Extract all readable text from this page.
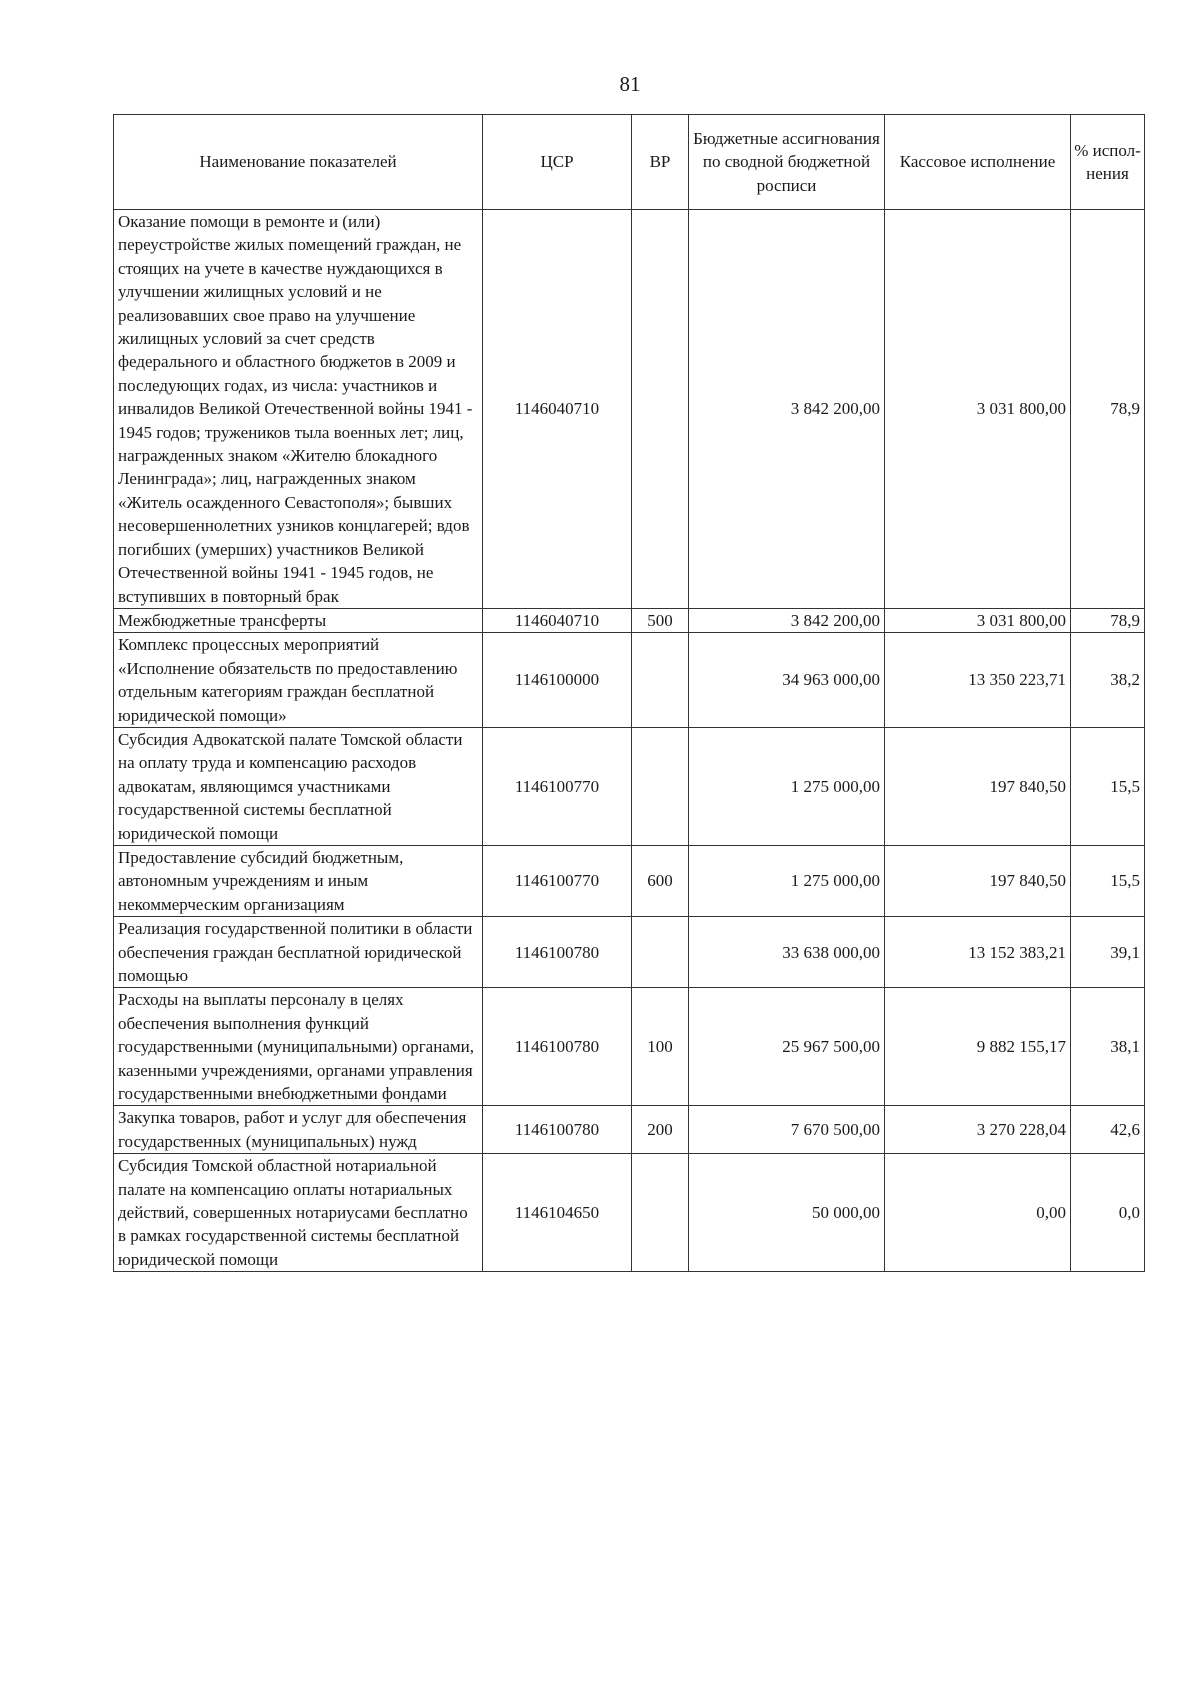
81
Наименование показателей	ЦСР	ВР	Бюджетные ассигнования по сводной бюджетной росписи	Кассовое исполнение	% испол-нения
Оказание помощи в ремонте и (или) переустройстве жилых помещений граждан, не стоящих на учете в качестве нуждающихся в улучшении жилищных условий и не реализовавших свое право на улучшение жилищных условий за счет средств федерального и областного бюджетов в 2009 и последующих годах, из числа: участников и инвалидов Великой Отечественной войны 1941 - 1945 годов; тружеников тыла военных лет; лиц, награжденных знаком «Жителю блокадного Ленинграда»; лиц, награжденных знаком «Житель осажденного Севастополя»; бывших несовершеннолетних узников концлагерей; вдов погибших (умерших) участников Великой Отечественной войны 1941 - 1945 годов, не вступивших в повторный брак	1146040710		3 842 200,00	3 031 800,00	78,9
Межбюджетные трансферты	1146040710	500	3 842 200,00	3 031 800,00	78,9
Комплекс процессных мероприятий «Исполнение обязательств по предоставлению отдельным категориям граждан бесплатной юридической помощи»	1146100000		34 963 000,00	13 350 223,71	38,2
Субсидия Адвокатской палате Томской области на оплату труда и компенсацию расходов адвокатам, являющимся участниками государственной системы бесплатной юридической помощи	1146100770		1 275 000,00	197 840,50	15,5
Предоставление субсидий бюджетным, автономным учреждениям и иным некоммерческим организациям	1146100770	600	1 275 000,00	197 840,50	15,5
Реализация государственной политики в области обеспечения граждан бесплатной юридической помощью	1146100780		33 638 000,00	13 152 383,21	39,1
Расходы на выплаты персоналу в целях обеспечения выполнения функций государственными (муниципальными) органами, казенными учреждениями, органами управления государственными внебюджетными фондами	1146100780	100	25 967 500,00	9 882 155,17	38,1
Закупка товаров, работ и услуг для обеспечения государственных (муниципальных) нужд	1146100780	200	7 670 500,00	3 270 228,04	42,6
Субсидия Томской областной нотариальной палате на компенсацию оплаты нотариальных действий, совершенных нотариусами бесплатно в рамках государственной системы бесплатной юридической помощи	1146104650		50 000,00	0,00	0,0
